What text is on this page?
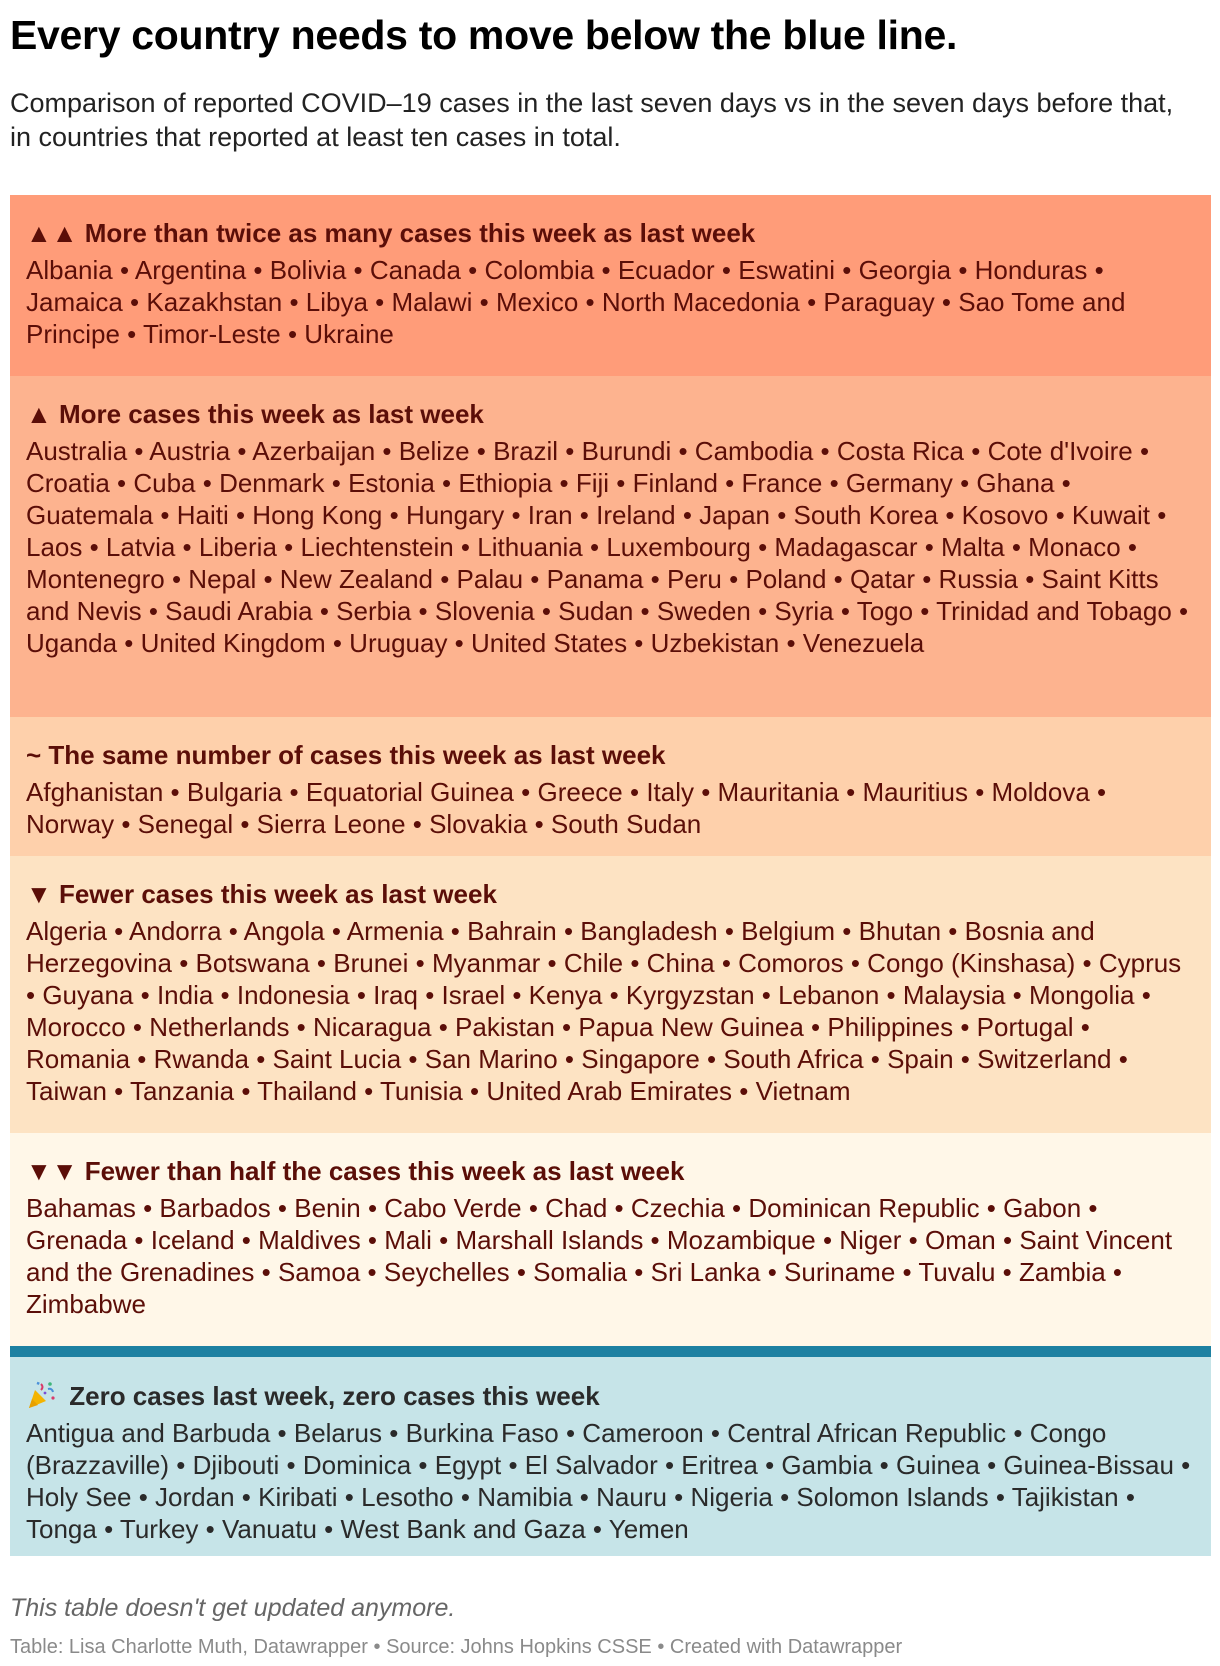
Every country needs to move below the blue line.
Comparison of reported COVID–19 cases in the last seven days vs in the seven days before that, in countries that reported at least ten cases in total.
▲▲ More than twice as many cases this week as last week
Albania • Argentina • Bolivia • Canada • Colombia • Ecuador • Eswatini • Georgia • Honduras • Jamaica • Kazakhstan • Libya • Malawi • Mexico • North Macedonia • Paraguay • Sao Tome and Principe • Timor-Leste • Ukraine
▲ More cases this week as last week
Australia • Austria • Azerbaijan • Belize • Brazil • Burundi • Cambodia • Costa Rica • Cote d'Ivoire • Croatia • Cuba • Denmark • Estonia • Ethiopia • Fiji • Finland • France • Germany • Ghana • Guatemala • Haiti • Hong Kong • Hungary • Iran • Ireland • Japan • South Korea • Kosovo • Kuwait • Laos • Latvia • Liberia • Liechtenstein • Lithuania • Luxembourg • Madagascar • Malta • Monaco • Montenegro • Nepal • New Zealand • Palau • Panama • Peru • Poland • Qatar • Russia • Saint Kitts and Nevis • Saudi Arabia • Serbia • Slovenia • Sudan • Sweden • Syria • Togo • Trinidad and Tobago • Uganda • United Kingdom • Uruguay • United States • Uzbekistan • Venezuela
~ The same number of cases this week as last week
Afghanistan • Bulgaria • Equatorial Guinea • Greece • Italy • Mauritania • Mauritius • Moldova • Norway • Senegal • Sierra Leone • Slovakia • South Sudan
▼ Fewer cases this week as last week
Algeria • Andorra • Angola • Armenia • Bahrain • Bangladesh • Belgium • Bhutan • Bosnia and Herzegovina • Botswana • Brunei • Myanmar • Chile • China • Comoros • Congo (Kinshasa) • Cyprus • Guyana • India • Indonesia • Iraq • Israel • Kenya • Kyrgyzstan • Lebanon • Malaysia • Mongolia • Morocco • Netherlands • Nicaragua • Pakistan • Papua New Guinea • Philippines • Portugal • Romania • Rwanda • Saint Lucia • San Marino • Singapore • South Africa • Spain • Switzerland • Taiwan • Tanzania • Thailand • Tunisia • United Arab Emirates • Vietnam
▼▼ Fewer than half the cases this week as last week
Bahamas • Barbados • Benin • Cabo Verde • Chad • Czechia • Dominican Republic • Gabon • Grenada • Iceland • Maldives • Mali • Marshall Islands • Mozambique • Niger • Oman • Saint Vincent and the Grenadines • Samoa • Seychelles • Somalia • Sri Lanka • Suriname • Tuvalu • Zambia • Zimbabwe
Zero cases last week, zero cases this week
Antigua and Barbuda • Belarus • Burkina Faso • Cameroon • Central African Republic • Congo (Brazzaville) • Djibouti • Dominica • Egypt • El Salvador • Eritrea • Gambia • Guinea • Guinea-Bissau • Holy See • Jordan • Kiribati • Lesotho • Namibia • Nauru • Nigeria • Solomon Islands • Tajikistan • Tonga • Turkey • Vanuatu • West Bank and Gaza • Yemen
This table doesn't get updated anymore.
Table: Lisa Charlotte Muth, Datawrapper • Source: Johns Hopkins CSSE • Created with Datawrapper
